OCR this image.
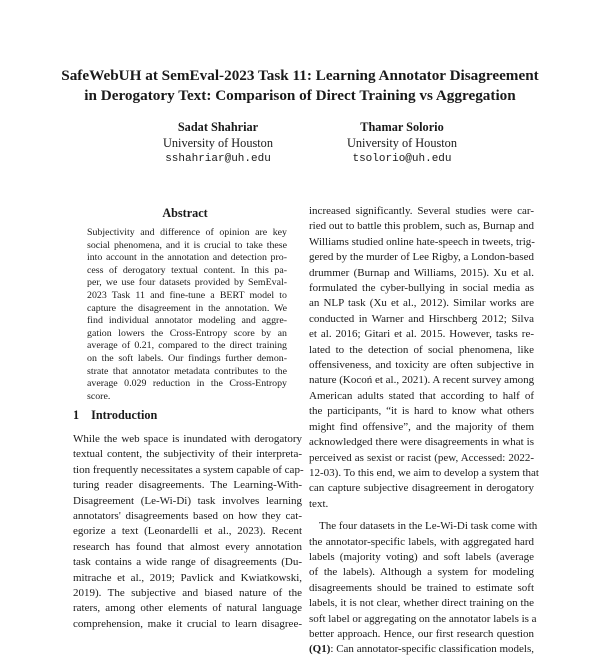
SafeWebUH at SemEval-2023 Task 11: Learning Annotator Disagreement
in Derogatory Text: Comparison of Direct Training vs Aggregation
Sadat Shahriar
University of Houston
sshahriar@uh.edu
Thamar Solorio
University of Houston
tsolorio@uh.edu
Abstract
Subjectivity and difference of opinion are key
social phenomena, and it is crucial to take these
into account in the annotation and detection pro-
cess of derogatory textual content. In this pa-
per, we use four datasets provided by SemEval-
2023 Task 11 and fine-tune a BERT model to
capture the disagreement in the annotation. We
find individual annotator modeling and aggre-
gation lowers the Cross-Entropy score by an
average of 0.21, compared to the direct training
on the soft labels. Our findings further demon-
strate that annotator metadata contributes to the
average 0.029 reduction in the Cross-Entropy
score.
1 Introduction
While the web space is inundated with derogatory
textual content, the subjectivity of their interpreta-
tion frequently necessitates a system capable of cap-
turing reader disagreements. The Learning-With-
Disagreement (Le-Wi-Di) task involves learning
annotators' disagreements based on how they cat-
egorize a text (Leonardelli et al., 2023). Recent
research has found that almost every annotation
task contains a wide range of disagreements (Du-
mitrache et al., 2019; Pavlick and Kwiatkowski,
2019). The subjective and biased nature of the
raters, among other elements of natural language
comprehension, make it crucial to learn disagree-
increased significantly. Several studies were car-
ried out to battle this problem, such as, Burnap and
Williams studied online hate-speech in tweets, trig-
gered by the murder of Lee Rigby, a London-based
drummer (Burnap and Williams, 2015). Xu et al.
formulated the cyber-bullying in social media as
an NLP task (Xu et al., 2012). Similar works are
conducted in Warner and Hirschberg 2012; Silva
et al. 2016; Gitari et al. 2015. However, tasks re-
lated to the detection of social phenomena, like
offensiveness, and toxicity are often subjective in
nature (Kocoń et al., 2021). A recent survey among
American adults stated that according to half of
the participants, “it is hard to know what others
might find offensive”, and the majority of them
acknowledged there were disagreements in what is
perceived as sexist or racist (pew, Accessed: 2022-
12-03). To this end, we aim to develop a system that
can capture subjective disagreement in derogatory
text.
The four datasets in the Le-Wi-Di task come with
the annotator-specific labels, with aggregated hard
labels (majority voting) and soft labels (average
of the labels). Although a system for modeling
disagreements should be trained to estimate soft
labels, it is not clear, whether direct training on the
soft label or aggregating on the annotator labels is a
better approach. Hence, our first research question
(Q1): Can annotator-specific classification models,
